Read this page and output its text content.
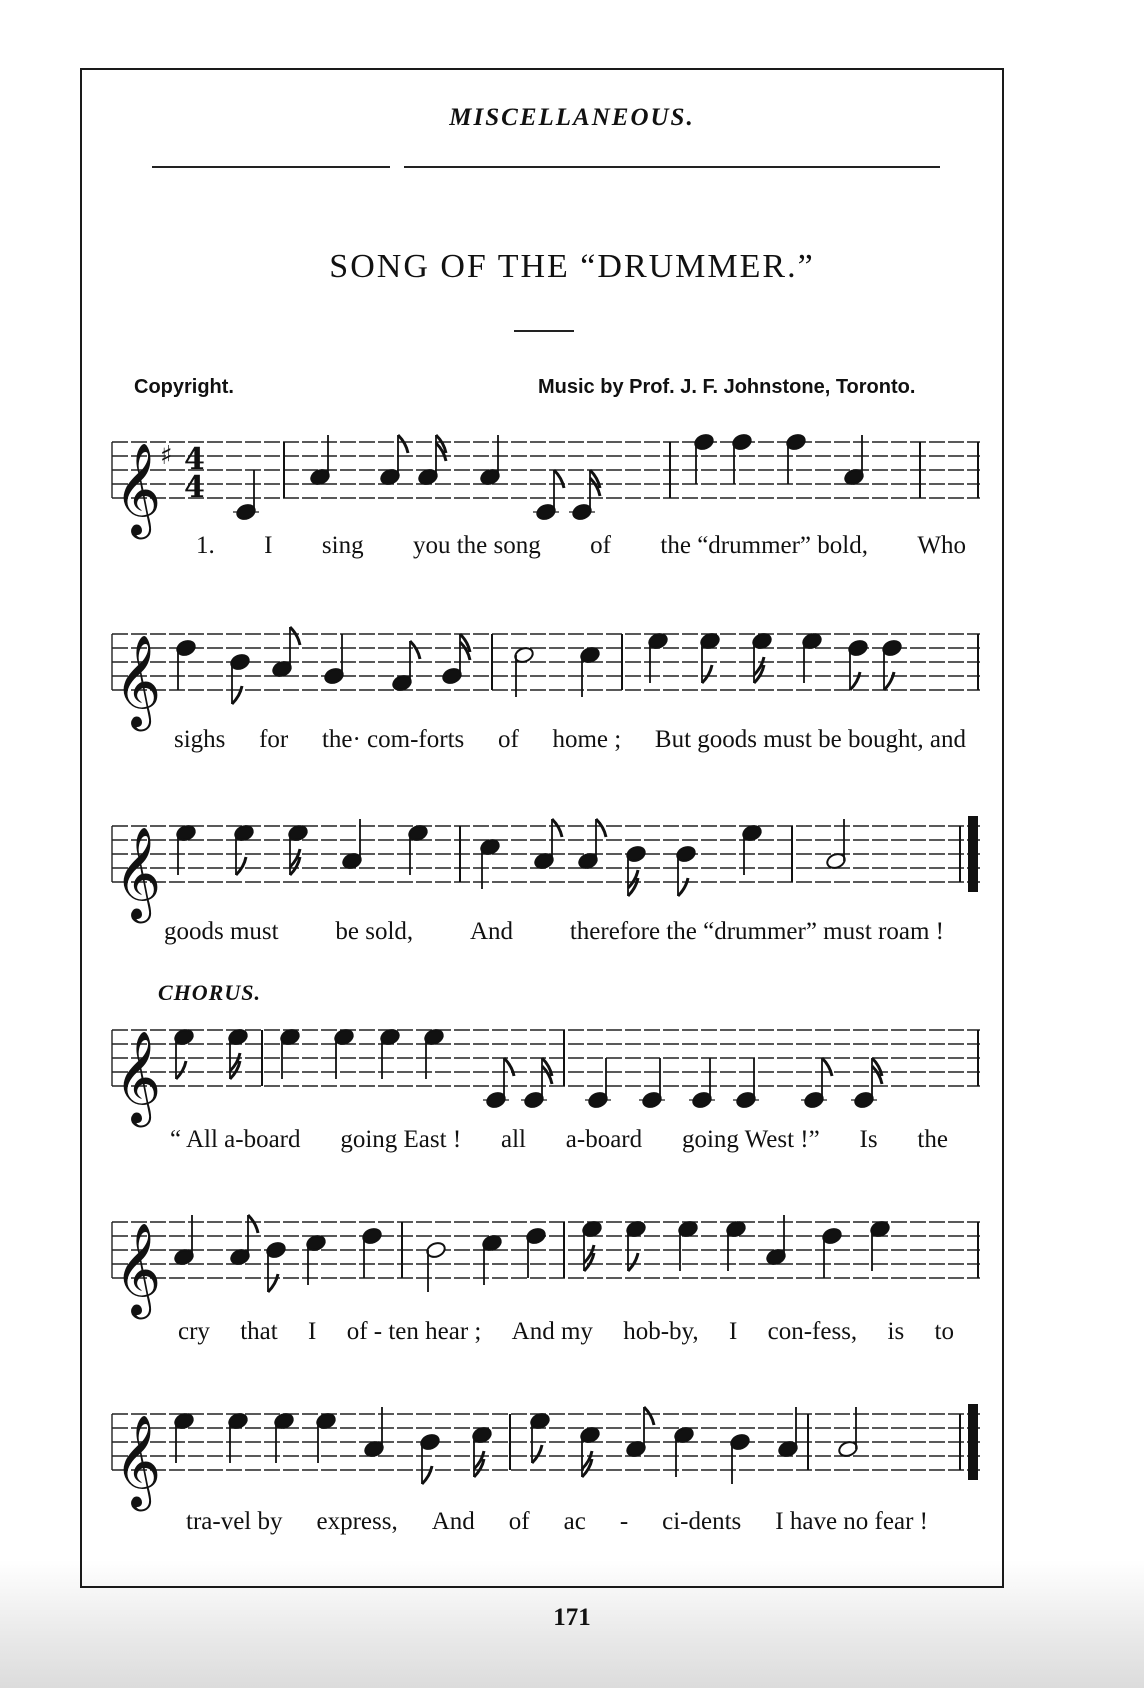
MISCELLANEOUS.
SONG OF THE “DRUMMER.”
Copyright.	Music by Prof. J. F. Johnstone, Toronto.
𝄞
♯ 4
4
1. I sing you the song of the “drummer” bold, Who
𝄞
sighs for the· com-forts of home ; But goods must be bought, and
𝄞
goods must be sold, And therefore the “drummer” must roam !
CHORUS.
𝄞
“ All a-board going East ! all a-board going West !” Is the
𝄞
cry that I of - ten hear ; And my hob-by, I con-fess, is to
𝄞
tra-vel by express, And of ac - ci-dents I have no fear !
171
